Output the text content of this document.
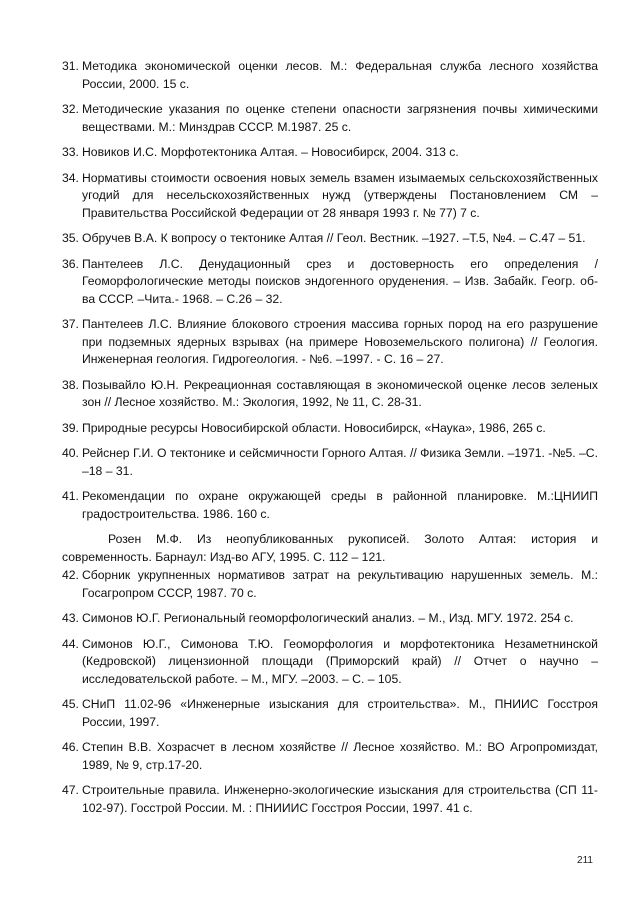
31. Методика экономической оценки лесов. М.: Федеральная служба лесного хозяйства России, 2000. 15 с.
32. Методические указания по оценке степени опасности загрязнения почвы химическими веществами. М.: Минздрав СССР. М.1987. 25 с.
33. Новиков И.С. Морфотектоника Алтая. – Новосибирск, 2004. 313 с.
34. Нормативы стоимости освоения новых земель взамен изымаемых сельскохозяйственных угодий для несельскохозяйственных нужд (утверждены Постановлением СМ – Правительства Российской Федерации от 28 января 1993 г. № 77) 7 с.
35. Обручев В.А. К вопросу о тектонике Алтая // Геол. Вестник. –1927. –Т.5, №4. – С.47 – 51.
36. Пантелеев Л.С. Денудационный срез и достоверность его определения / Геоморфологические методы поисков эндогенного оруденения. – Изв. Забайк. Геогр. об-ва СССР. –Чита.- 1968. – С.26 – 32.
37. Пантелеев Л.С. Влияние блокового строения массива горных пород на его разрушение при подземных ядерных взрывах (на примере Новоземельского полигона) // Геология. Инженерная геология. Гидрогеология. - №6. –1997. - С. 16 – 27.
38. Позывайло Ю.Н. Рекреационная составляющая в экономической оценке лесов зеленых зон // Лесное хозяйство. М.: Экология, 1992, № 11, С. 28-31.
39. Природные ресурсы Новосибирской области. Новосибирск, «Наука», 1986, 265 с.
40. Рейснер Г.И. О тектонике и сейсмичности Горного Алтая. // Физика Земли. –1971. -№5. –С. –18 – 31.
41. Рекомендации по охране окружающей среды в районной планировке. М.:ЦНИИП градостроительства. 1986. 160 с.

Розен М.Ф. Из неопубликованных рукописей. Золото Алтая: история и современность. Барнаул: Изд-во АГУ, 1995. С. 112 – 121.

42. Сборник укрупненных нормативов затрат на рекультивацию нарушенных земель. М.: Госагропром СССР, 1987. 70 с.
43. Симонов Ю.Г. Региональный геоморфологический анализ. – М., Изд. МГУ. 1972. 254 с.
44. Симонов Ю.Г., Симонова Т.Ю. Геоморфология и морфотектоника Незаметнинской (Кедровской) лицензионной площади (Приморский край) // Отчет о научно – исследовательской работе. – М., МГУ. –2003. – С. – 105.
45. СНиП 11.02-96 «Инженерные изыскания для строительства». М., ПНИИС Госстроя России, 1997.
46. Степин В.В. Хозрасчет в лесном хозяйстве // Лесное хозяйство. М.: ВО Агропромиздат, 1989, № 9, стр.17-20.
47. Строительные правила. Инженерно-экологические изыскания для строительства (СП 11-102-97). Госстрой России. М. : ПНИИИС Госстроя России, 1997. 41 с.
211
